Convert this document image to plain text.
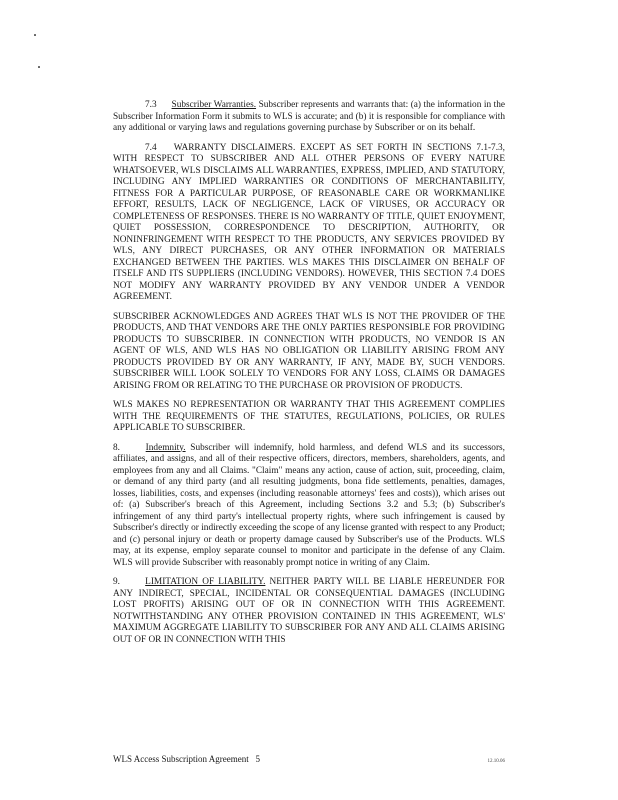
7.3 Subscriber Warranties. Subscriber represents and warrants that: (a) the information in the Subscriber Information Form it submits to WLS is accurate; and (b) it is responsible for compliance with any additional or varying laws and regulations governing purchase by Subscriber or on its behalf.

7.4 WARRANTY DISCLAIMERS. EXCEPT AS SET FORTH IN SECTIONS 7.1-7.3, WITH RESPECT TO SUBSCRIBER AND ALL OTHER PERSONS OF EVERY NATURE WHATSOEVER, WLS DISCLAIMS ALL WARRANTIES, EXPRESS, IMPLIED, AND STATUTORY, INCLUDING ANY IMPLIED WARRANTIES OR CONDITIONS OF MERCHANTABILITY, FITNESS FOR A PARTICULAR PURPOSE, OF REASONABLE CARE OR WORKMANLIKE EFFORT, RESULTS, LACK OF NEGLIGENCE, LACK OF VIRUSES, OR ACCURACY OR COMPLETENESS OF RESPONSES. THERE IS NO WARRANTY OF TITLE, QUIET ENJOYMENT, QUIET POSSESSION, CORRESPONDENCE TO DESCRIPTION, AUTHORITY, OR NONINFRINGEMENT WITH RESPECT TO THE PRODUCTS, ANY SERVICES PROVIDED BY WLS, ANY DIRECT PURCHASES, OR ANY OTHER INFORMATION OR MATERIALS EXCHANGED BETWEEN THE PARTIES. WLS MAKES THIS DISCLAIMER ON BEHALF OF ITSELF AND ITS SUPPLIERS (INCLUDING VENDORS). HOWEVER, THIS SECTION 7.4 DOES NOT MODIFY ANY WARRANTY PROVIDED BY ANY VENDOR UNDER A VENDOR AGREEMENT.

SUBSCRIBER ACKNOWLEDGES AND AGREES THAT WLS IS NOT THE PROVIDER OF THE PRODUCTS, AND THAT VENDORS ARE THE ONLY PARTIES RESPONSIBLE FOR PROVIDING PRODUCTS TO SUBSCRIBER. IN CONNECTION WITH PRODUCTS, NO VENDOR IS AN AGENT OF WLS, AND WLS HAS NO OBLIGATION OR LIABILITY ARISING FROM ANY PRODUCTS PROVIDED BY OR ANY WARRANTY, IF ANY, MADE BY, SUCH VENDORS. SUBSCRIBER WILL LOOK SOLELY TO VENDORS FOR ANY LOSS, CLAIMS OR DAMAGES ARISING FROM OR RELATING TO THE PURCHASE OR PROVISION OF PRODUCTS.

WLS MAKES NO REPRESENTATION OR WARRANTY THAT THIS AGREEMENT COMPLIES WITH THE REQUIREMENTS OF THE STATUTES, REGULATIONS, POLICIES, OR RULES APPLICABLE TO SUBSCRIBER.

8.	Indemnity. Subscriber will indemnify, hold harmless, and defend WLS and its successors, affiliates, and assigns, and all of their respective officers, directors, members, shareholders, agents, and employees from any and all Claims. "Claim" means any action, cause of action, suit, proceeding, claim, or demand of any third party (and all resulting judgments, bona fide settlements, penalties, damages, losses, liabilities, costs, and expenses (including reasonable attorneys' fees and costs)), which arises out of: (a) Subscriber's breach of this Agreement, including Sections 3.2 and 5.3; (b) Subscriber's infringement of any third party's intellectual property rights, where such infringement is caused by Subscriber's directly or indirectly exceeding the scope of any license granted with respect to any Product; and (c) personal injury or death or property damage caused by Subscriber's use of the Products. WLS may, at its expense, employ separate counsel to monitor and participate in the defense of any Claim. WLS will provide Subscriber with reasonably prompt notice in writing of any Claim.

9.	LIMITATION OF LIABILITY. NEITHER PARTY WILL BE LIABLE HEREUNDER FOR ANY INDIRECT, SPECIAL, INCIDENTAL OR CONSEQUENTIAL DAMAGES (INCLUDING LOST PROFITS) ARISING OUT OF OR IN CONNECTION WITH THIS AGREEMENT. NOTWITHSTANDING ANY OTHER PROVISION CONTAINED IN THIS AGREEMENT, WLS' MAXIMUM AGGREGATE LIABILITY TO SUBSCRIBER FOR ANY AND ALL CLAIMS ARISING OUT OF OR IN CONNECTION WITH THIS

WLS Access Subscription Agreement 5	12.10.06
